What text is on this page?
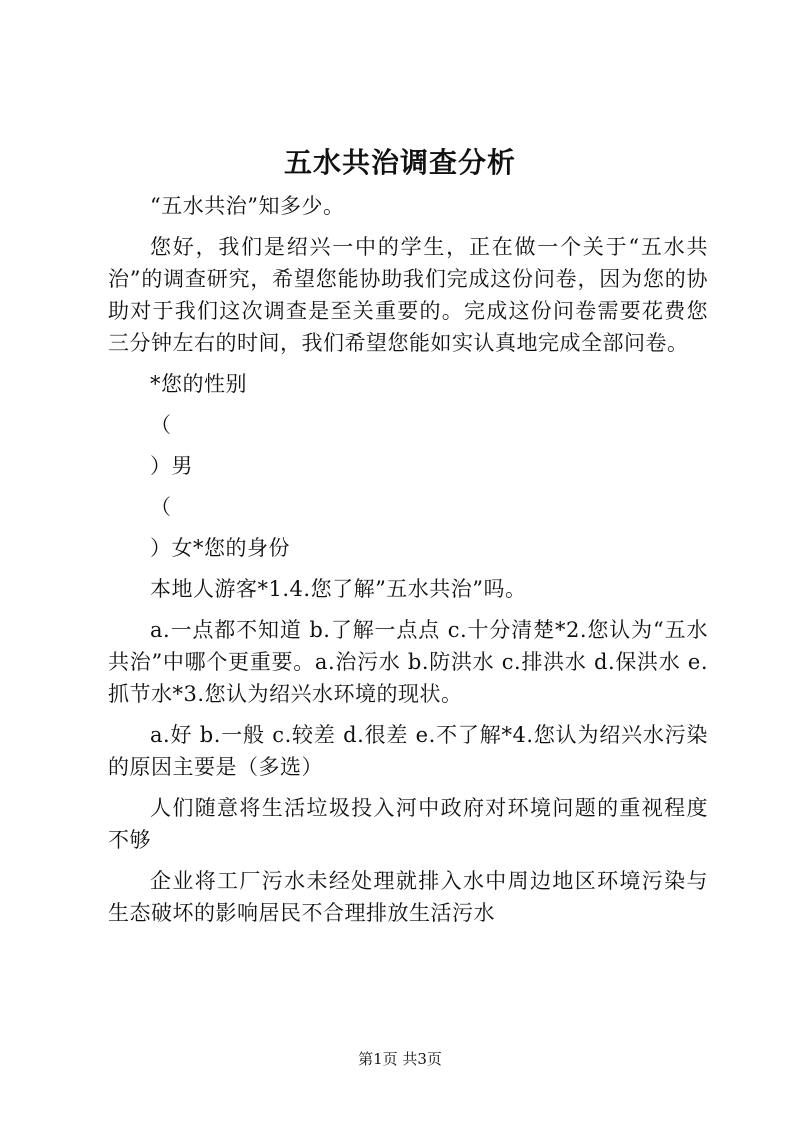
五水共治调查分析

“五水共治”知多少。

您好，我们是绍兴一中的学生，正在做一个关于“五水共治”的调查研究，希望您能协助我们完成这份问卷，因为您的协助对于我们这次调查是至关重要的。完成这份问卷需要花费您三分钟左右的时间，我们希望您能如实认真地完成全部问卷。

*您的性别

（

）男

（

）女*您的身份

本地人游客*1.4.您了解”五水共治”吗。

a.一点都不知道 b.了解一点点 c.十分清楚*2.您认为“五水共治”中哪个更重要。a.治污水 b.防洪水 c.排洪水 d.保洪水 e.抓节水*3.您认为绍兴水环境的现状。

a.好 b.一般 c.较差 d.很差 e.不了解*4.您认为绍兴水污染的原因主要是（多选）

人们随意将生活垃圾投入河中政府对环境问题的重视程度不够

企业将工厂污水未经处理就排入水中周边地区环境污染与生态破坏的影响居民不合理排放生活污水

第1页 共3页
